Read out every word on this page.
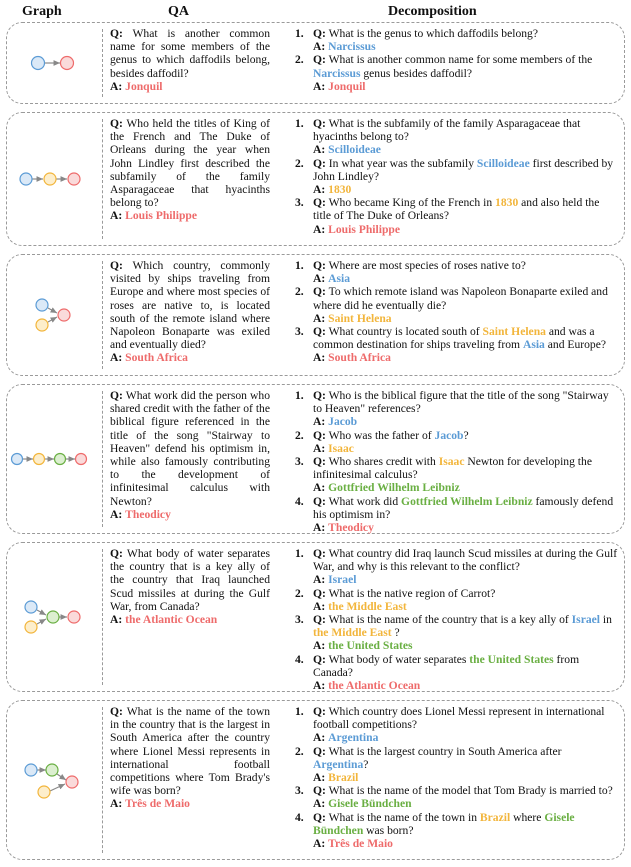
Graph	QA	Decomposition
Q: What is another common name for some members of the genus to which daffodils belong, besides daffodil?
A: Jonquil
1. Q: What is the genus to which daffodils belong?
A: Narcissus
2. Q: What is another common name for some members of the Narcissus genus besides daffodil?
A: Jonquil
Q: Who held the titles of King of the French and The Duke of Orleans during the year when John Lindley first described the subfamily of the family Asparagaceae that hyacinths belong to?
A: Louis Philippe
1. Q: What is the subfamily of the family Asparagaceae that hyacinths belong to?
A: Scilloideae
2. Q: In what year was the subfamily Scilloideae first described by John Lindley?
A: 1830
3. Q: Who became King of the French in 1830 and also held the title of The Duke of Orleans?
A: Louis Philippe
Q: Which country, commonly visited by ships traveling from Europe and where most species of roses are native to, is located south of the remote island where Napoleon Bonaparte was exiled and eventually died?
A: South Africa
1. Q: Where are most species of roses native to?
A: Asia
2. Q: To which remote island was Napoleon Bonaparte exiled and where did he eventually die?
A: Saint Helena
3. Q: What country is located south of Saint Helena and was a common destination for ships traveling from Asia and Europe?
A: South Africa
Q: What work did the person who shared credit with the father of the biblical figure referenced in the title of the song "Stairway to Heaven" defend his optimism in, while also famously contributing to the development of infinitesimal calculus with Newton?
A: Theodicy
1. Q: Who is the biblical figure that the title of the song "Stairway to Heaven" references?
A: Jacob
2. Q: Who was the father of Jacob?
A: Isaac
3. Q: Who shares credit with Isaac Newton for developing the infinitesimal calculus?
A: Gottfried Wilhelm Leibniz
4. Q: What work did Gottfried Wilhelm Leibniz famously defend his optimism in?
A: Theodicy
Q: What body of water separates the country that is a key ally of the country that Iraq launched Scud missiles at during the Gulf War, from Canada?
A: the Atlantic Ocean
1. Q: What country did Iraq launch Scud missiles at during the Gulf War, and why is this relevant to the conflict?
A: Israel
2. Q: What is the native region of Carrot?
A: the Middle East
3. Q: What is the name of the country that is a key ally of Israel in the Middle East ?
A: the United States
4. Q: What body of water separates the United States from Canada?
A: the Atlantic Ocean
Q: What is the name of the town in the country that is the largest in South America after the country where Lionel Messi represents in international football competitions where Tom Brady's wife was born?
A: Três de Maio
1. Q: Which country does Lionel Messi represent in international football competitions?
A: Argentina
2. Q: What is the largest country in South America after Argentina?
A: Brazil
3. Q: What is the name of the model that Tom Brady is married to?
A: Gisele Bündchen
4. Q: What is the name of the town in Brazil where Gisele Bündchen was born?
A: Três de Maio
